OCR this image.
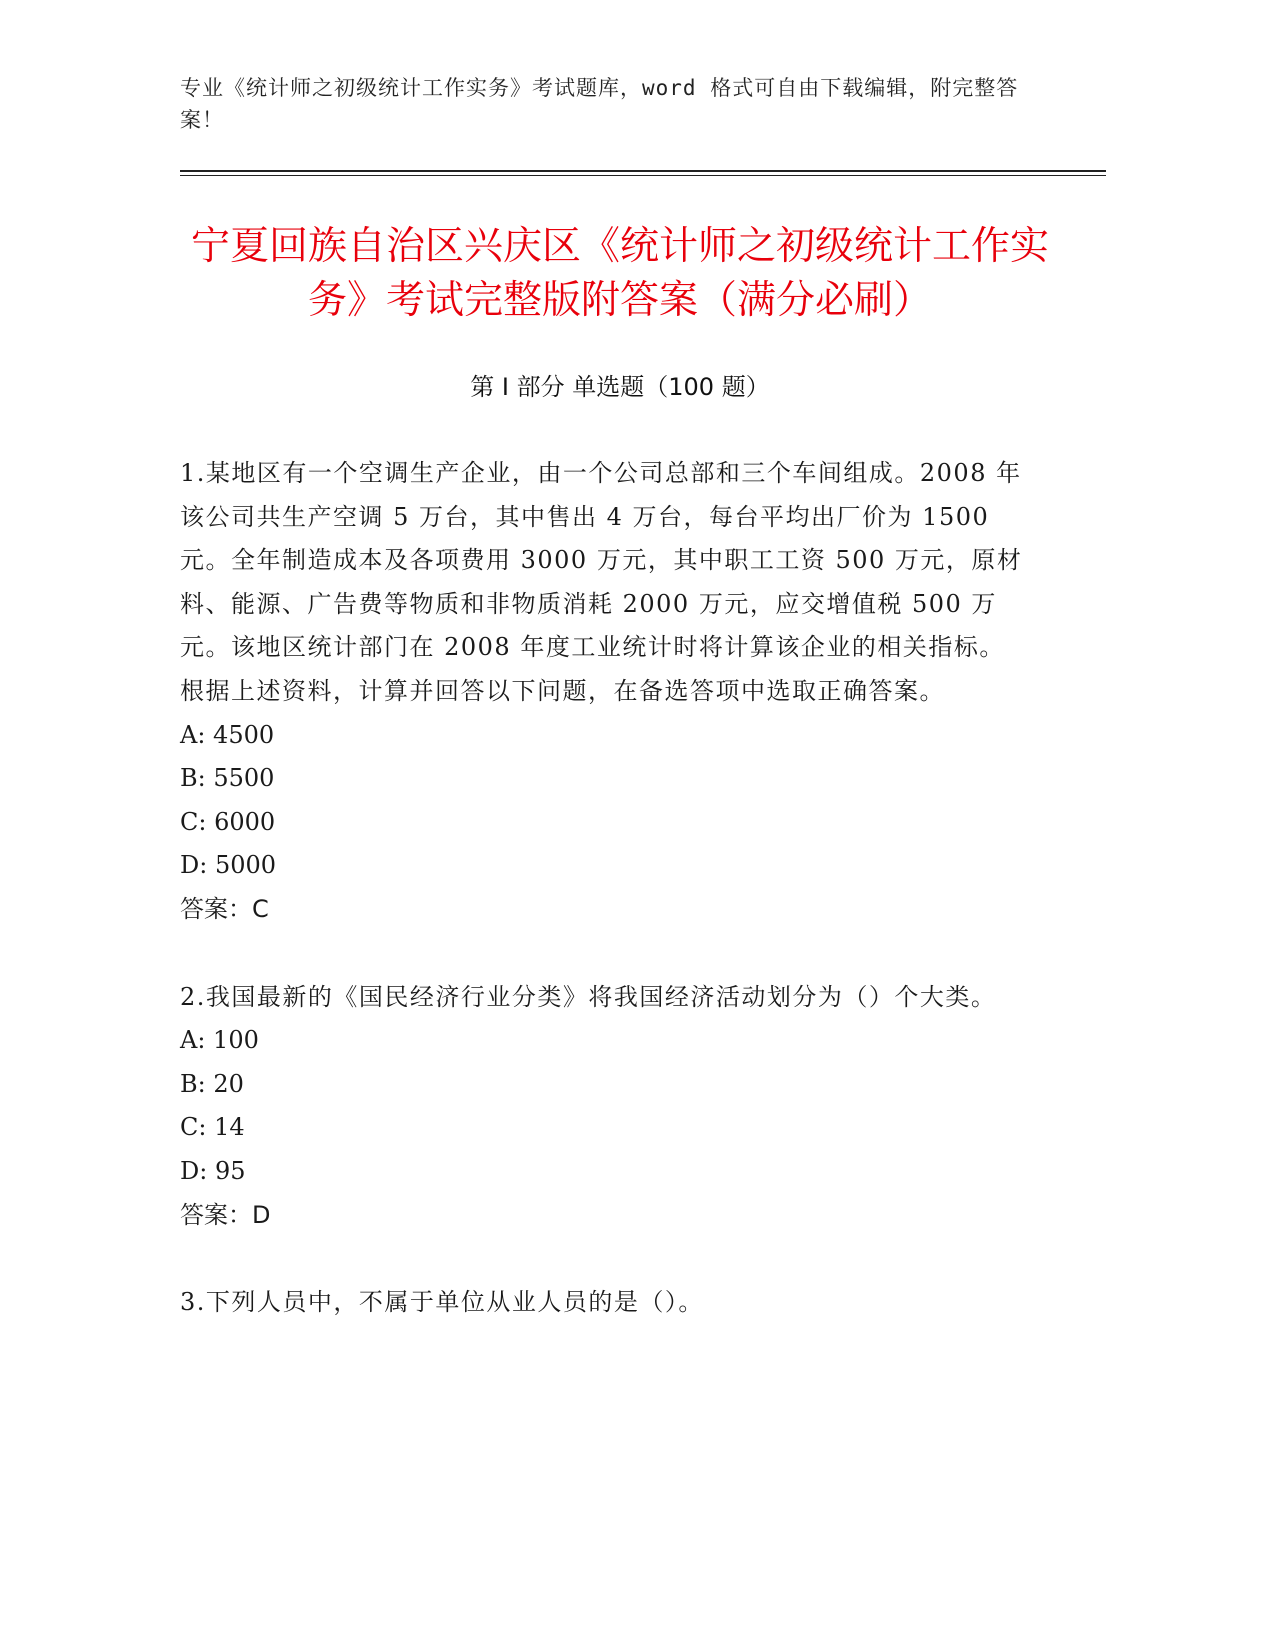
专业《统计师之初级统计工作实务》考试题库，word 格式可自由下载编辑，附完整答案！
宁夏回族自治区兴庆区《统计师之初级统计工作实务》考试完整版附答案（满分必刷）
第 I 部分 单选题（100 题）

1.某地区有一个空调生产企业，由一个公司总部和三个车间组成。2008 年该公司共生产空调 5 万台，其中售出 4 万台，每台平均出厂价为 1500 元。全年制造成本及各项费用 3000 万元，其中职工工资 500 万元，原材料、能源、广告费等物质和非物质消耗 2000 万元，应交增值税 500 万元。该地区统计部门在 2008 年度工业统计时将计算该企业的相关指标。根据上述资料，计算并回答以下问题，在备选答项中选取正确答案。

A: 4500

B: 5500

C: 6000

D: 5000

答案：C

2.我国最新的《国民经济行业分类》将我国经济活动划分为（）个大类。

A: 100

B: 20

C: 14

D: 95

答案：D

3.下列人员中，不属于单位从业人员的是（）。
